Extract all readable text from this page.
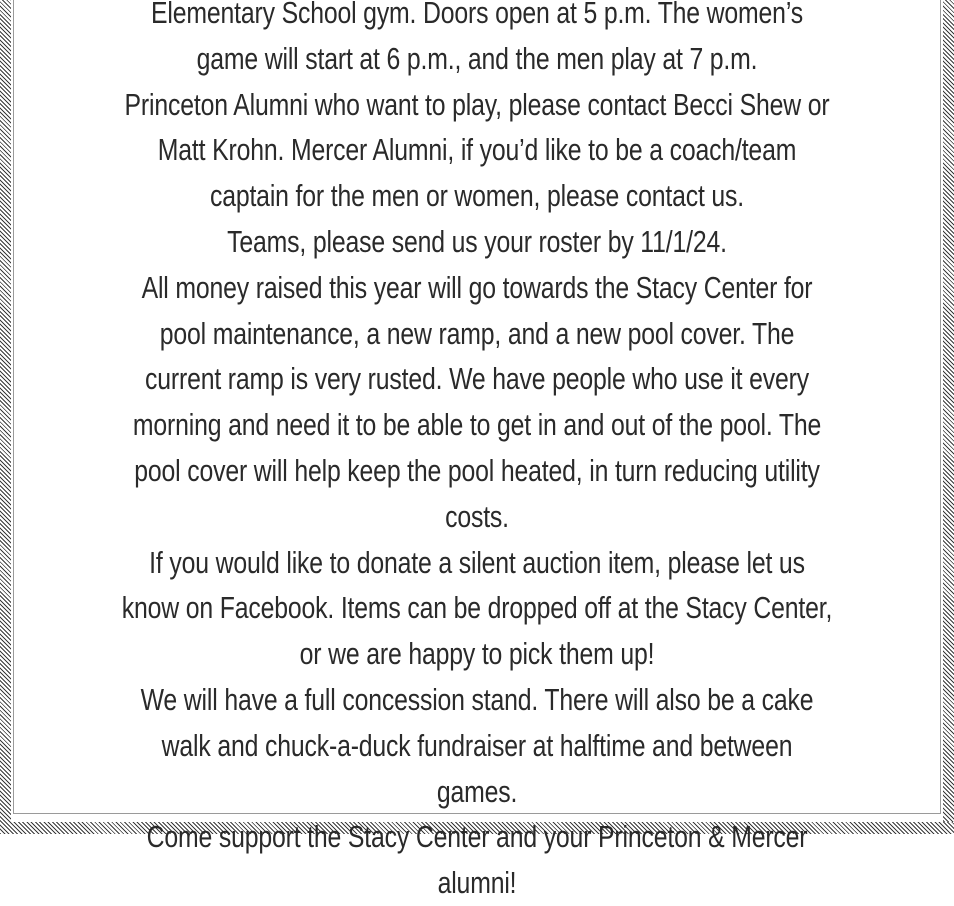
Elementary School gym. Doors open at 5 p.m. The women’s game will start at 6 p.m., and the men play at 7 p.m.

Princeton Alumni who want to play, please contact Becci Shew or Matt Krohn. Mercer Alumni, if you’d like to be a coach/team captain for the men or women, please contact us.

Teams, please send us your roster by 11/1/24.

All money raised this year will go towards the Stacy Center for pool maintenance, a new ramp, and a new pool cover. The current ramp is very rusted. We have people who use it every morning and need it to be able to get in and out of the pool. The pool cover will help keep the pool heated, in turn reducing utility costs.

If you would like to donate a silent auction item, please let us know on Facebook. Items can be dropped off at the Stacy Center, or we are happy to pick them up!

We will have a full concession stand. There will also be a cake walk and chuck-a-duck fundraiser at halftime and between games.

Come support the Stacy Center and your Princeton & Mercer alumni!
